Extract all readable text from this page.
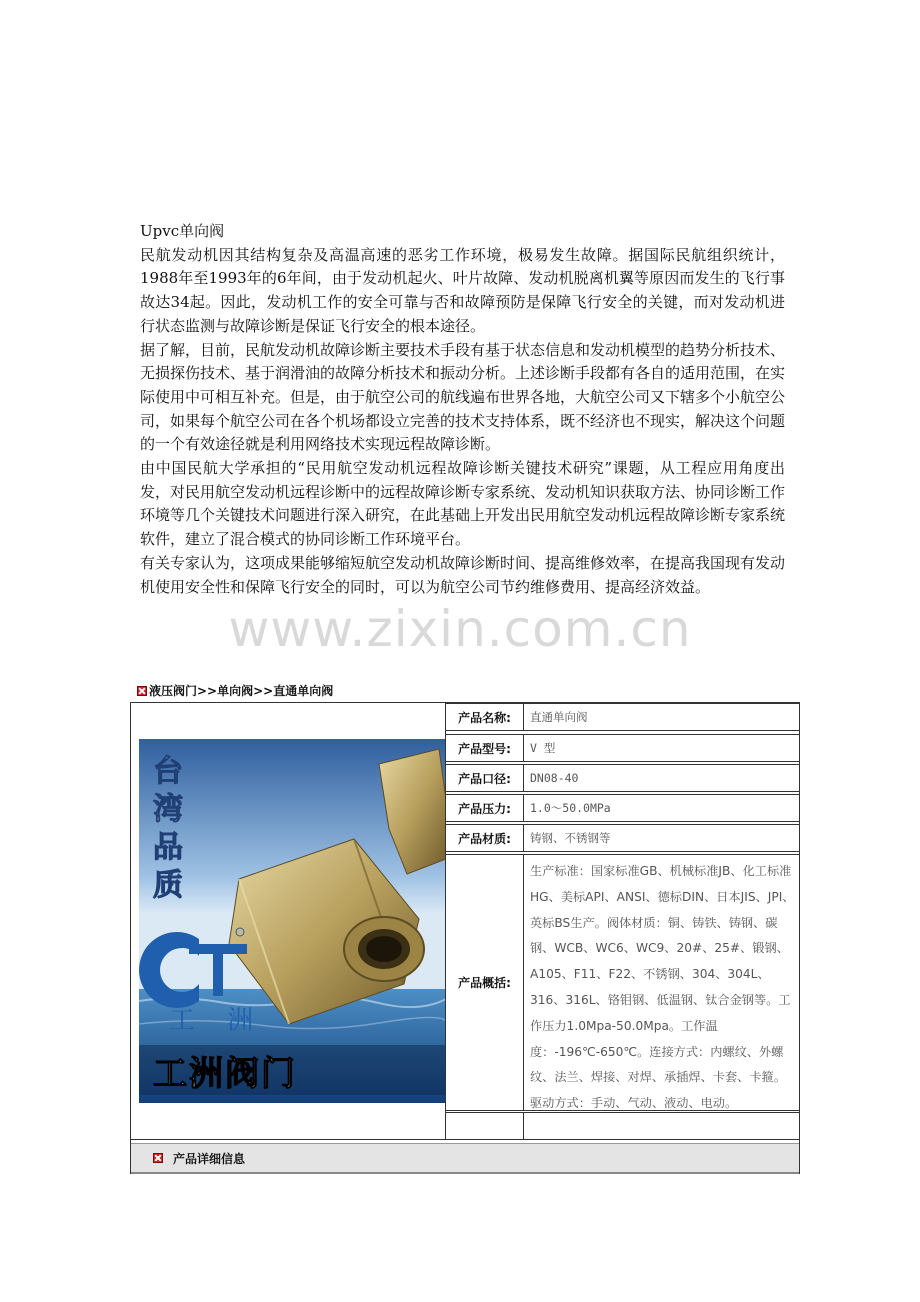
Upvc单向阀

民航发动机因其结构复杂及高温高速的恶劣工作环境，极易发生故障。据国际民航组织统计，1988年至1993年的6年间，由于发动机起火、叶片故障、发动机脱离机翼等原因而发生的飞行事故达34起。因此，发动机工作的安全可靠与否和故障预防是保障飞行安全的关键，而对发动机进行状态监测与故障诊断是保证飞行安全的根本途径。

据了解，目前，民航发动机故障诊断主要技术手段有基于状态信息和发动机模型的趋势分析技术、无损探伤技术、基于润滑油的故障分析技术和振动分析。上述诊断手段都有各自的适用范围，在实际使用中可相互补充。但是，由于航空公司的航线遍布世界各地，大航空公司又下辖多个小航空公司，如果每个航空公司在各个机场都设立完善的技术支持体系，既不经济也不现实，解决这个问题的一个有效途径就是利用网络技术实现远程故障诊断。

由中国民航大学承担的“民用航空发动机远程故障诊断关键技术研究”课题，从工程应用角度出发，对民用航空发动机远程诊断中的远程故障诊断专家系统、发动机知识获取方法、协同诊断工作环境等几个关键技术问题进行深入研究，在此基础上开发出民用航空发动机远程故障诊断专家系统软件，建立了混合模式的协同诊断工作环境平台。

有关专家认为，这项成果能够缩短航空发动机故障诊断时间、提高维修效率，在提高我国现有发动机使用安全性和保障飞行安全的同时，可以为航空公司节约维修费用、提高经济效益。

www.zixin.com.cn
液压阀门>>单向阀>>直通单向阀
台
湾
品
质
工 洲
工洲阀门
产品名称:	直通单向阀
产品型号:	V 型
产品口径:	DN08-40
产品压力:	1.0～50.0MPa
产品材质:	铸钢、不锈钢等
产品概括:
生产标准：国家标准GB、机械标准JB、化工标准HG、美标API、ANSI、德标DIN、日本JIS、JPI、英标BS生产。阀体材质：铜、铸铁、铸钢、碳钢、WCB、WC6、WC9、20#、25#、锻钢、A105、F11、F22、不锈钢、304、304L、316、316L、铬钼钢、低温钢、钛合金钢等。工作压力1.0Mpa-50.0Mpa。工作温度：-196℃-650℃。连接方式：内螺纹、外螺纹、法兰、焊接、对焊、承插焊、卡套、卡箍。驱动方式：手动、气动、液动、电动。
产品详细信息
